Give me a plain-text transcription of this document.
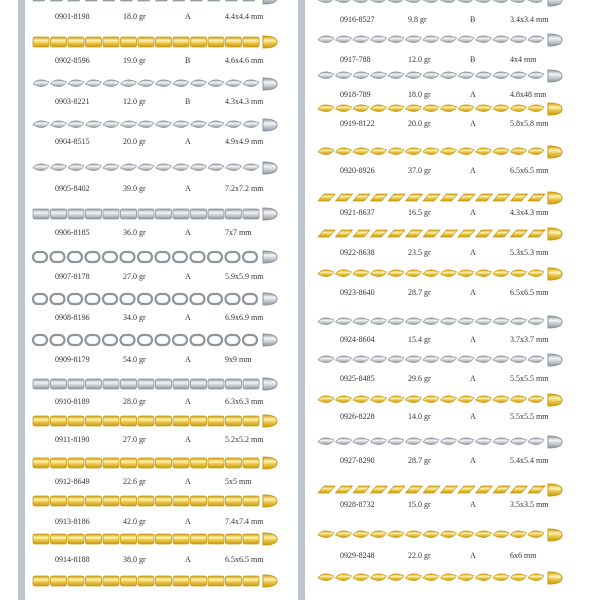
0901-8198	18.0 gr	A	4.4x4.4 mm
0902-8596	19.0 gr	B	4.6x4.6 mm
0903-8221	12.0 gr	B	4.3x4.3 mm
0904-8515	20.0 gr	A	4.9x4.9 mm
0905-8402	39.0 gr	A	7.2x7.2 mm
0906-8185	36.0 gr	A	7x7 mm
0907-8178	27.0 gr	A	5.9x5.9 mm
0908-8196	34.0 gr	A	6.9x6.9 mm
0909-8179	54.0 gr	A	9x9 mm
0910-8189	28.0 gr	A	6.3x6.3 mm
0911-8190	27.0 gr	A	5.2x5.2 mm
0912-8649	22.6 gr	A	5x5 mm
0913-8186	42.0 gr	A	7.4x7.4 mm
0914-8188	38.0 gr	A	6.5x6.5 mm
0916-8527	9.8 gr	B	3.4x3.4 mm
0917-788	12.0 gr	B	4x4 mm
0918-789	18.0 gr	A	4.8x48 mm
0919-8122	20.0 gr	A	5.8x5.8 mm
0920-8926	37.0 gr	A	6.5x6.5 mm
0921-8637	16.5 gr	A	4.3x4.3 mm
0922-8638	23.5 gr	A	5.3x5.3 mm
0923-8640	28.7 gr	A	6.5x6.5 mm
0924-8604	15.4 gr	A	3.7x3.7 mm
0925-8485	29.6 gr	A	5.5x5.5 mm
0926-8228	14.0 gr	A	5.5x5.5 mm
0927-8290	28.7 gr	A	5.4x5.4 mm
0928-8732	15.0 gr	A	3.5x3.5 mm
0929-8248	22.0 gr	A	6x6 mm
